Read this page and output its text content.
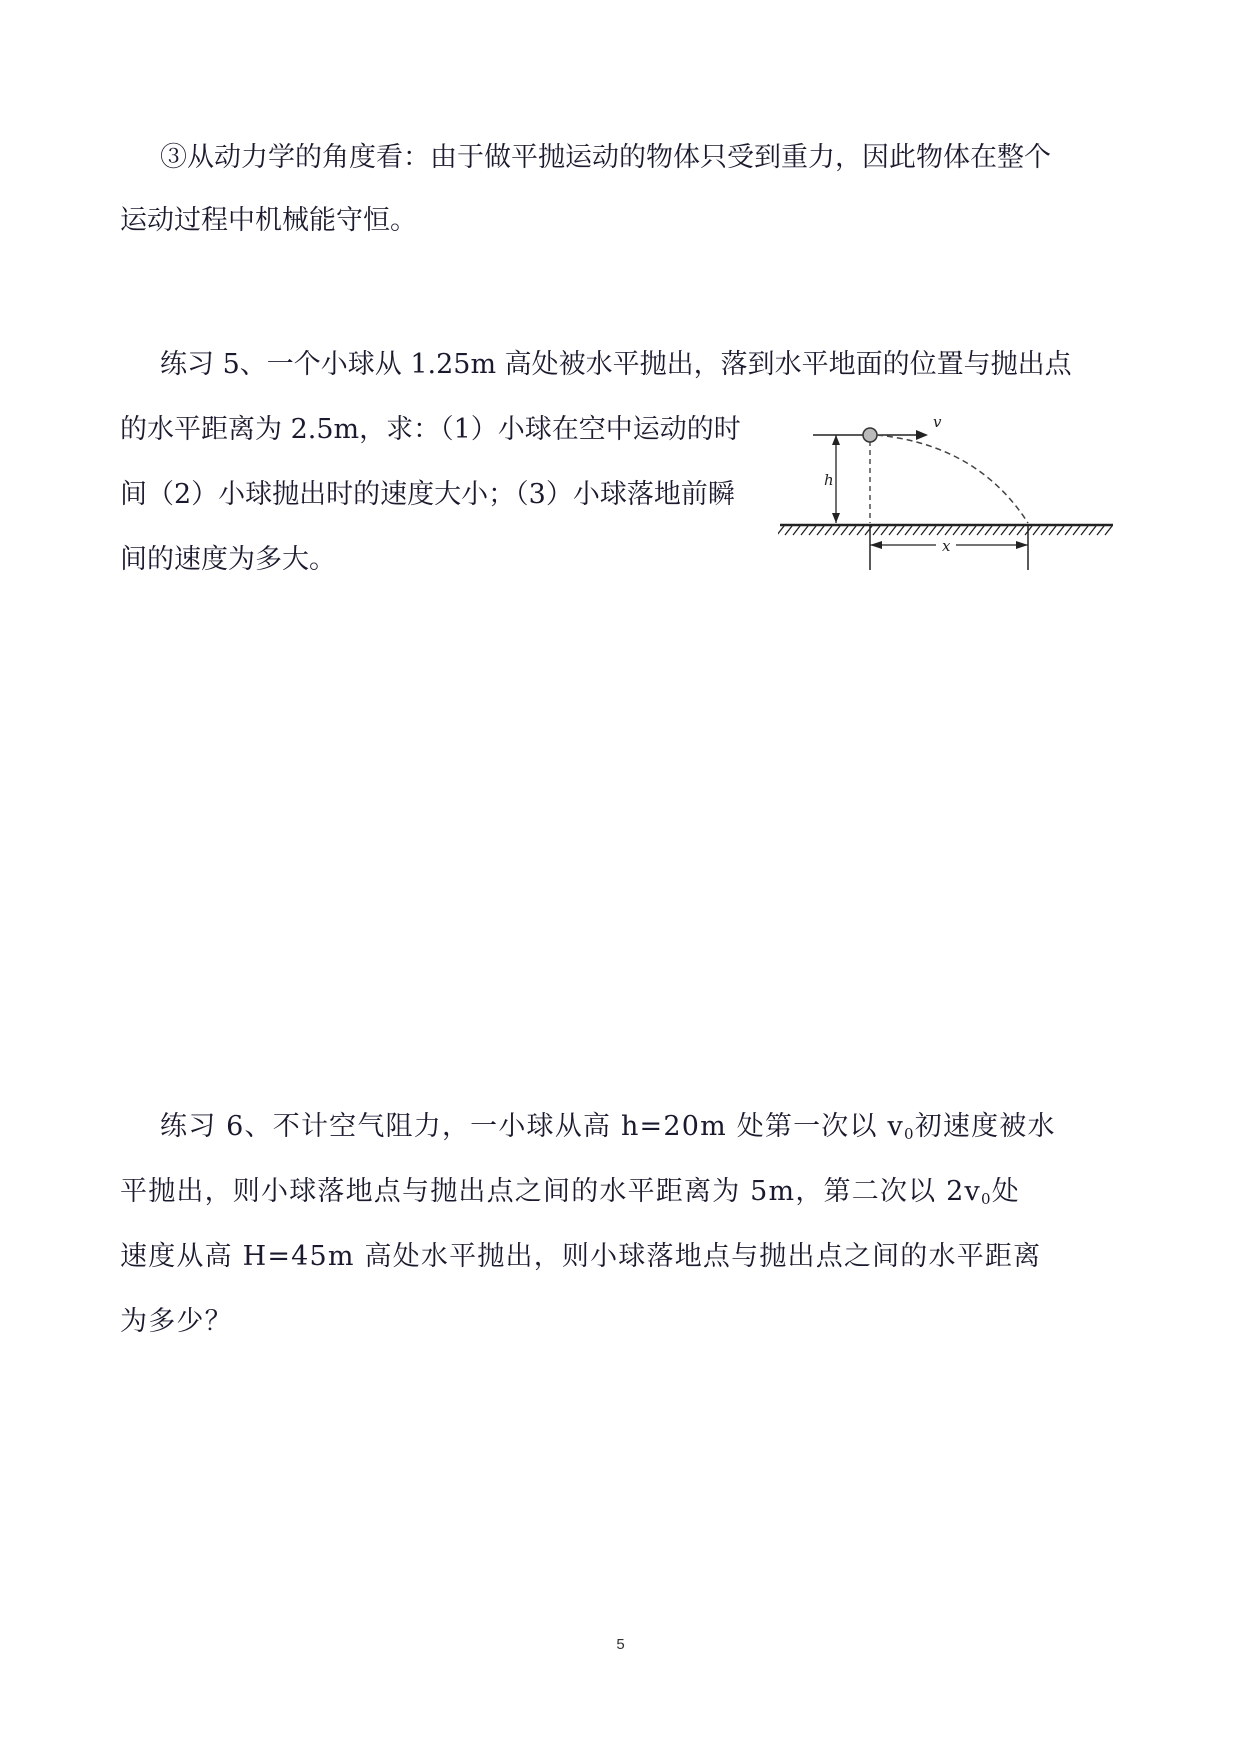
③从动力学的角度看：由于做平抛运动的物体只受到重力，因此物体在整个
运动过程中机械能守恒。
练习 5、一个小球从 1.25m 高处被水平抛出，落到水平地面的位置与抛出点
的水平距离为 2.5m，求：（1）小球在空中运动的时
间（2）小球抛出时的速度大小；（3）小球落地前瞬
间的速度为多大。
h
v
x
练习 6、不计空气阻力，一小球从高 h=20m 处第一次以 $v_0$初速度被水
平抛出，则小球落地点与抛出点之间的水平距离为 5m，第二次以 $2v_0$处
速度从高 H=45m 高处水平抛出，则小球落地点与抛出点之间的水平距离
为多少？
5
